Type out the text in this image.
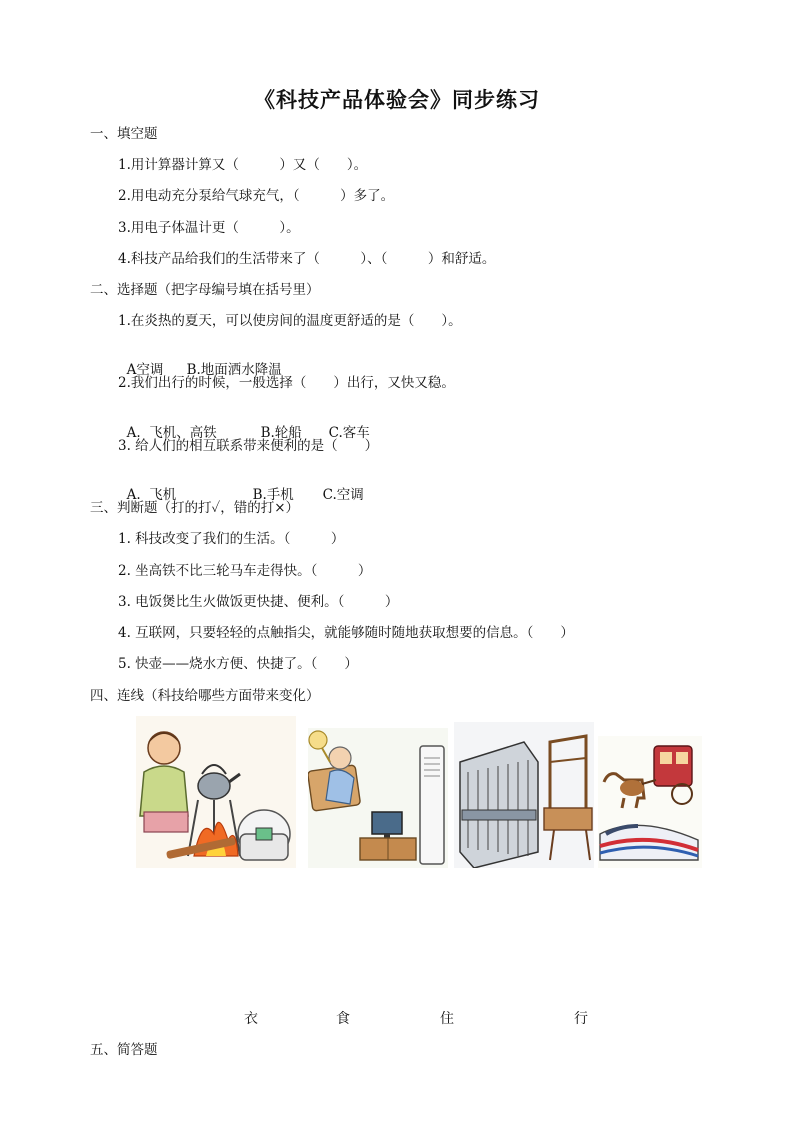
《科技产品体验会》同步练习
一、填空题
1.用计算器计算又（　　　）又（　　）。
2.用电动充分泵给气球充气，（　　　）多了。
3.用电子体温计更（　　　）。
4.科技产品给我们的生活带来了（　　　）、（　　　）和舒适。
二、选择题（把字母编号填在括号里）
1.在炎热的夏天，可以使房间的温度更舒适的是（　　）。

A空调 B.地面洒水降温

2.我们出行的时候，一般选择（　　）出行，又快又稳。

A.  飞机、高铁	B.轮船 C.客车

3. 给人们的相互联系带来便利的是（　　）

A.  飞机	B.手机 C.空调

三、判断题（打的打✓，错的打×）
1. 科技改变了我们的生活。（　　　）
2. 坐高铁不比三轮马车走得快。（　　　）
3. 电饭煲比生火做饭更快捷、便利。（　　　）
4. 互联网，只要轻轻的点触指尖，就能够随时随地获取想要的信息。（　　）
5. 快壶——烧水方便、快捷了。（　　）
四、连线（科技给哪些方面带来变化）
衣	食	住	行
五、简答题
